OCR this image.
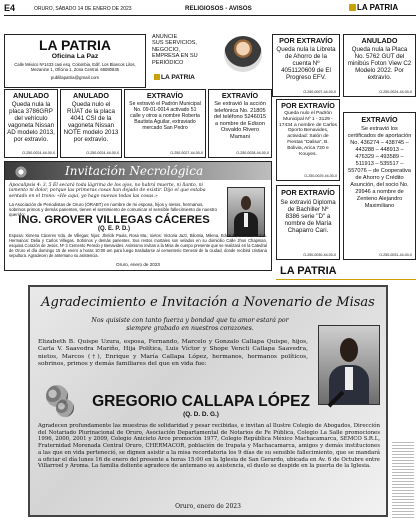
E4	ORURO, SÁBADO 14 DE ENERO DE 2023	RELIGIOSOS - AVISOS	LA PATRIA
LA PATRIA
Oficina La Paz
Calle México Nº1433 casi esq. Colombia, Edif. Los Blancos Lilos, Mezanine 1, Oficina 1, Zona Central. 66080835
publilapatria@gmail.com
ANUNCIE
SUS SERVICIOS,
NEGOCIO,
EMPRESA EN SU
PERIÓDICO
LA PATRIA
POR EXTRAVÍO
Queda nula la Libreta de Ahorro de la cuenta Nº 4051120609 de El Progreso EFV.
O-250-0007-44-00-0
ANULADO
Queda nula la Placa No. 5762 GUT del minibús Foton View C2 Modelo 2022. Por extravío.
O-250-0024-44-00-0
ANULADO
Queda nula la placa 3786GRP del vehículo vagoneta Nissan AD modelo 2013, por extravío.
O-250-0024-44-00-0
ANULADO
Queda nulo el RUAT de la placa 4041 CSI de la vagoneta Nissan NOTE modelo 2013 por extravío.
O-250-0024-44-00-0
EXTRAVÍO
Se extravió el Padrón Municipal No. 09-01-0014 activado 51 calle y otros a nombre Roberta Bautista Aguilar, extraviado mercado San Pedro
O-250-0027-44-00-0
EXTRAVÍO
Se extravió la acción telefónica No. 21805 del teléfono 5246015 a nombre de Edison Osvaldo Rivero Mamani
O-250-0028-44-00-0
POR EXTRAVÍO
Queda nulo el Padrón Municipal Nº 1 - 3129 - 17434 a nombre de Carlos Oporto Benavides, actividad: Salón de Fiestas "Dalisa", B. Bolivia, Arica 720 e Kouyes.
O-250-0029-44-00-0
EXTRAVÍO
Se extravió los certificados de aportación No. 436274 – 438745 – 443288 – 448913 – 476329 – 493589 – 511913 – 535517 – 557076 – de Cooperativa de Ahorro y Crédito Asunción, del socio No. 29946 a nombre de Zenteno Alejandro Maximiliano
O-250-0031-44-00-0
POR EXTRAVÍO
Se extravió Diploma de Bachiller Nº 8386 serie "D" a nombre de María Chaparro Cari.
O-250-0030-44-00-0
Invitación Necrológica
Apocalipsis 4: 3, 5 Él secará toda lágrima de los ojos, no habrá muerte, ni llanto, ni lamento ni dolor, porque las primeras cosas han dejado de existir. Dijo el que estaba sentado en el trono: «He aquí, yo hago nuevas todas las cosas.»
La Asociación de Periodistas de Oruro (ÓRABT) en nombre de mi esposa, hijos y nietos, hermanos, sobrinos primos y demás parientes, tienen el sentimiento de comunicar el sensible fallecimiento de nuestro querido:
ING. GROVER VILLEGAS CÁCERES
(Q. E. P. D.)
Esposa: Ximena Cáceres Vda. de Villegas; hijos: Jhelcik Paola, Rosa Ma.; nietos: Victoria Jazz, Bilomia, Milena, Eduardo, Camila, Pozos. Hermanos: Delia y Carlos Villegas. Sobrinos y demás parientes. Sus restos mortales son velados en su domicilio Calle Jhon Chapman, esquina Corazón de Jesús, Nº 3 Cemento Peredo y Benavides. Asimismo invitan a la Misa de cuerpo presente que se realizará en la Catedral de Oruro el día domingo 15 de enero a horas 10:00 am para luego trasladarse al cementerio General de la ciudad, donde recibirá cristiana sepultura. Agradecen de antemano su asistencia.
Oruro, enero de 2023
LA PATRIA
Agradecimiento e Invitación a Novenario de Misas
Nos quisiste con tanto fuerza y bondad que tu amor estará por siempre grabado en nuestros corazones.
Elizabeth B. Quispe Uzura, esposa, Fernando, Marcelo y Gonzalo Callapa Quispe, hijos, Carla V. Saavedra Mariño, Hija Política, Luis Víctor y Shope Vencli Callapa Saavedra, nietos, Marcos (†), Enrique y María Callapa López, hermanos, hermanos políticos, sobrinos, primos y demás familiares del que en vida fue:
GREGORIO CALLAPA LÓPEZ
(Q. D. D. G.)
Agradecen profundamente las muestras de solidaridad y pesar recibidas, e invitan al Ilustre Colegio de Abogados, Dirección del Notariado Plurinacional de Oruro, Asociación Departamental de Notarios de Fe Pública, Colegio La Salle promociones 1996, 2000, 2001 y 2009, Colegio Anicieto Arce promoción 1977, Colegio República México Machacamarca, SEMCO S.R.L, Fraternidad Morenada Central Oruro, CHERMACOR, población de Irupata y Machacamarca, amigos y demás instituciones a las que en vida perteneció, se dignen asistir a la misa recordatoria los 9 días de su sensible fallecimiento, que se mandará a oficiar el día lunes 16 de enero del presente a horas 15:00 en la Iglesia de San Gerardo, ubicada en Av. 6 de Octubre entre Villarroel y Aroma. La familia doliente agradece de antemano su asistencia, el duelo se despide en la puerta de la Iglesia.
Oruro, enero de 2023
